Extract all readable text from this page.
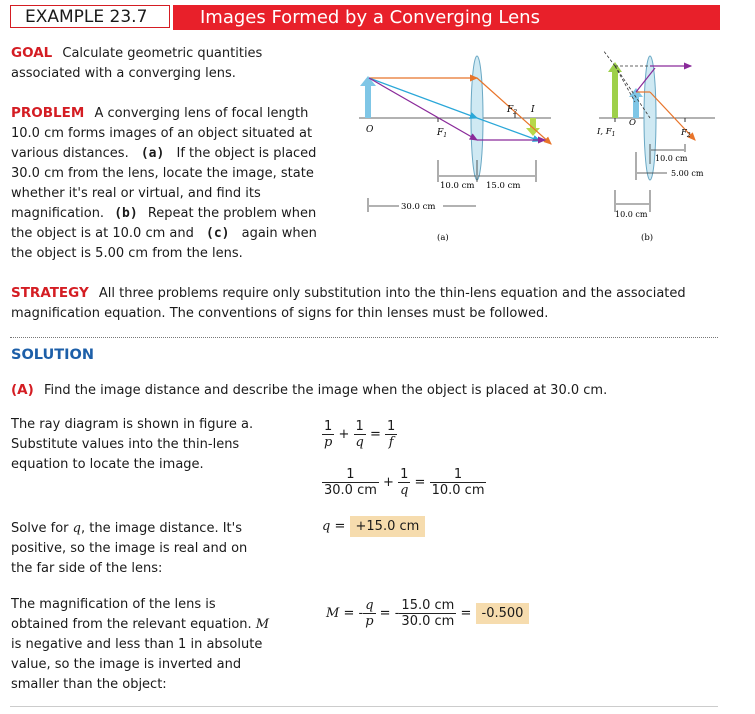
EXAMPLE 23.7	Images Formed by a Converging Lens
GOAL Calculate geometric quantities
associated with a converging lens.
PROBLEM A converging lens of focal length
10.0 cm forms images of an object situated at
various distances. (a) If the object is placed
30.0 cm from the lens, locate the image, state
whether it's real or virtual, and find its
magnification. (b) Repeat the problem when
the object is at 10.0 cm and (c) again when
the object is 5.00 cm from the lens.
O	$F_1$
$F_2$ I
10.0 cm 15.0 cm
30.0 cm
(a)
I, $F_1$
O
$F_2$
10.0 cm
5.00 cm
10.0 cm
(b)
STRATEGY All three problems require only substitution into the thin-lens equation and the associated
magnification equation. The conventions of signs for thin lenses must be followed.
SOLUTION
(A) Find the image distance and describe the image when the object is placed at 30.0 cm.
The ray diagram is shown in figure a.
Substitute values into the thin-lens
equation to locate the image.
$\frac{1}{p} + \frac{1}{q} = \frac{1}{f}$
$\frac{1}{30.0 cm} + \frac{1}{q} = \frac{1}{10.0 cm}$
Solve for q, the image distance. It's
positive, so the image is real and on
the far side of the lens:
q = +15.0 cm
The magnification of the lens is
obtained from the relevant equation. M
is negative and less than 1 in absolute
value, so the image is inverted and
smaller than the object:
M = - $\frac{q}{p}$ = - $\frac{15.0 cm}{30.0 cm} = -0.500$
